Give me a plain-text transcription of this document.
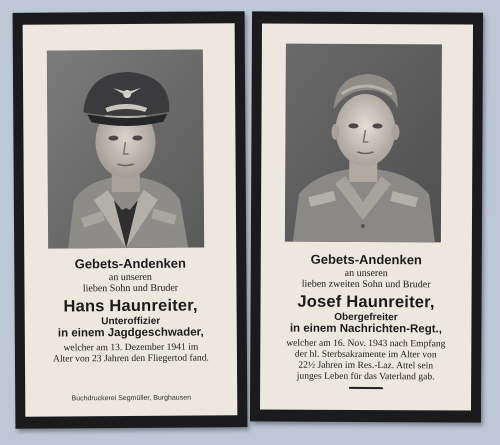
Gebets-Andenken

an unseren

lieben Sohn und Bruder

Hans Haunreiter,

Unteroffizier

in einem Jagdgeschwader,

welcher am 13. Dezember 1941 im
Alter von 23 Jahren den Fliegertod fand.

Buchdruckerei Segmüller, Burghausen

Gebets-Andenken

an unseren

lieben zweiten Sohn und Bruder

Josef Haunreiter,

Obergefreiter

in einem Nachrichten-Regt.,

welcher am 16. Nov. 1943 nach Empfang
der hl. Sterbsakramente im Alter von
22½ Jahren im Res.-Laz. Attel sein
junges Leben für das Vaterland gab.
